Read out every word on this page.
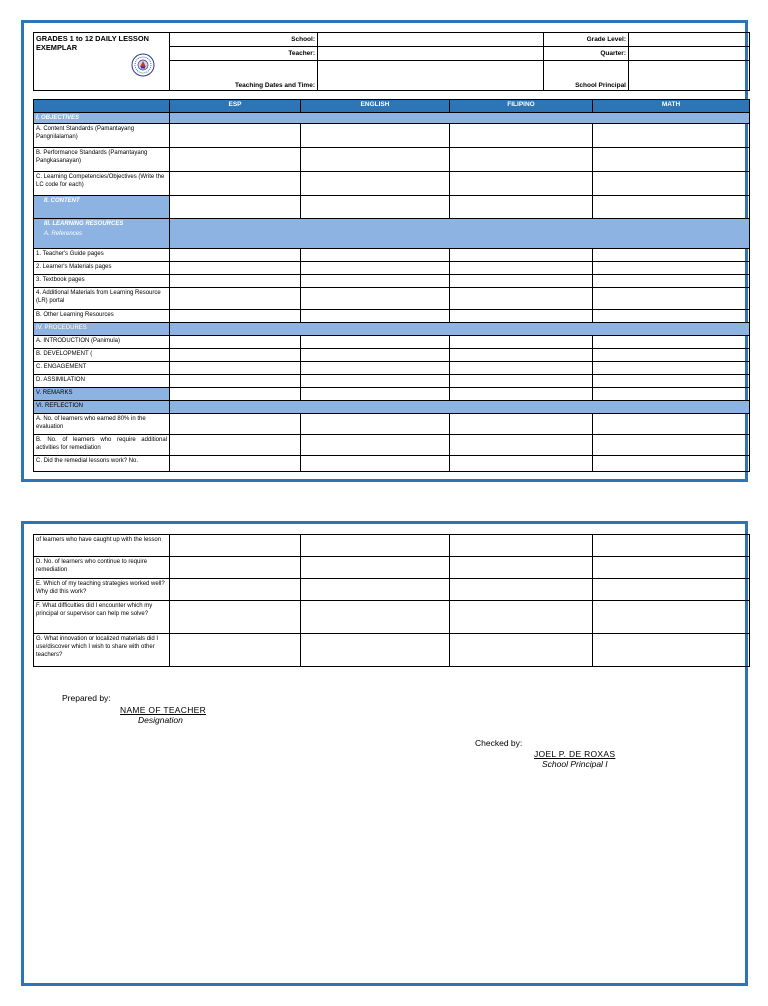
GRADES 1 to 12 DAILY LESSON
EXEMPLAR	School:		Grade Level:	
	Teacher:		Quarter:	
	Teaching Dates and Time:		School Principal	
	ESP	ENGLISH	FILIPINO	MATH
I. OBJECTIVES				
A. Content Standards (Pamantayang Pangnilalaman)				
B. Performance Standards (Pamantayang Pangkasanayan)				
C. Learning Competencies/Objectives (Write the LC code for each)				
II. CONTENT				

III. LEARNING RESOURCES
A. References				

1. Teacher's Guide pages				
2. Learner's Materials pages				
3. Textbook pages				
4. Additional Materials from Learning Resource (LR) portal				
B. Other Learning Resources				
IV. PROCEDURES				
A. INTRODUCTION (Panimula)				
B. DEVELOPMENT (				
C. ENGAGEMENT				
D. ASSIMILATION				
V. REMARKS				
VI. REFLECTION				
A. No. of learners who earned 80% in the evaluation				
B. No. of learners who require additional activities for remediation				
C. Did the remedial lessons work? No.				
of learners who have caught up with the lesson				
D. No. of learners who continue to require remediation				
E. Which of my teaching strategies worked well? Why did this work?				
F. What difficulties did I encounter which my principal or supervisor can help me solve?				
G. What innovation or localized materials did I use/discover which I wish to share with other teachers?				
Prepared by:
NAME OF TEACHER
Designation
Checked by:
JOEL P. DE ROXAS
School Principal I
